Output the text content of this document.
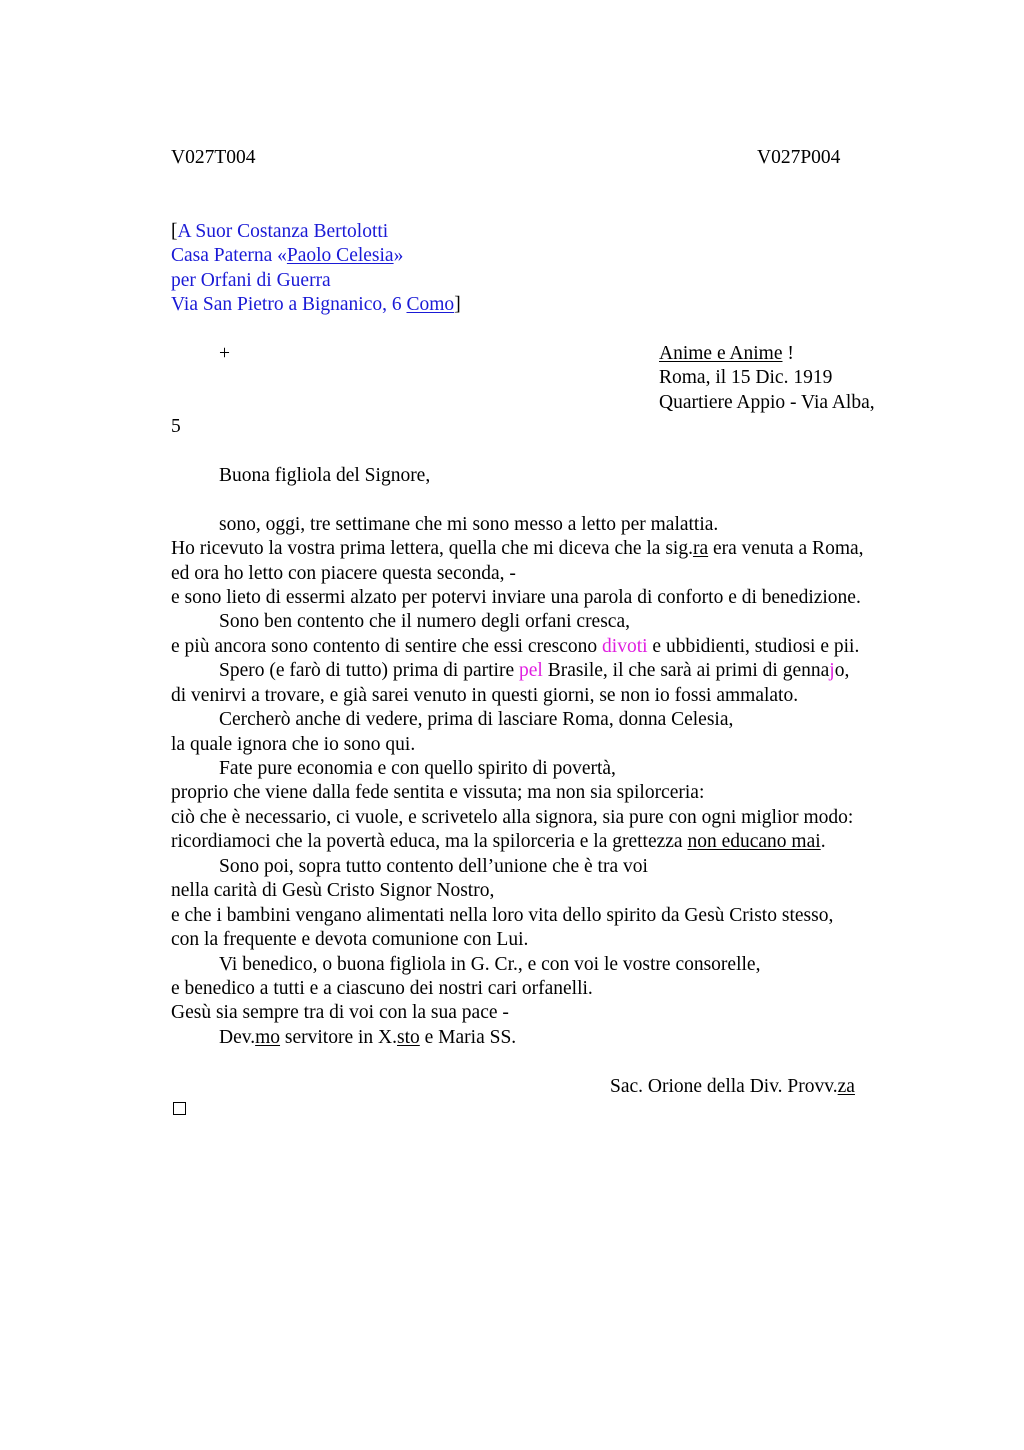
V027T004	V027P004
[A Suor Costanza Bertolotti
Casa Paterna «Paolo Celesia»
per Orfani di Guerra
Via San Pietro a Bignanico, 6 Como]
+	Anime e Anime !
Roma, il 15 Dic. 1919
Quartiere Appio - Via Alba,
5
Buona figliola del Signore,
sono, oggi, tre settimane che mi sono messo a letto per malattia.
Ho ricevuto la vostra prima lettera, quella che mi diceva che la sig.ra era venuta a Roma,
ed ora ho letto con piacere questa seconda, -
e sono lieto di essermi alzato per potervi inviare una parola di conforto e di benedizione.
Sono ben contento che il numero degli orfani cresca,
e più ancora sono contento di sentire che essi crescono divoti e ubbidienti, studiosi e pii.
Spero (e farò di tutto) prima di partire pel Brasile, il che sarà ai primi di gennajo,
di venirvi a trovare, e già sarei venuto in questi giorni, se non io fossi ammalato.
Cercherò anche di vedere, prima di lasciare Roma, donna Celesia,
la quale ignora che io sono qui.
Fate pure economia e con quello spirito di povertà,
proprio che viene dalla fede sentita e vissuta; ma non sia spilorceria:
ciò che è necessario, ci vuole, e scrivetelo alla signora, sia pure con ogni miglior modo:
ricordiamoci che la povertà educa, ma la spilorceria e la grettezza non educano mai.
Sono poi, sopra tutto contento dell’unione che è tra voi
nella carità di Gesù Cristo Signor Nostro,
e che i bambini vengano alimentati nella loro vita dello spirito da Gesù Cristo stesso,
con la frequente e devota comunione con Lui.
Vi benedico, o buona figliola in G. Cr., e con voi le vostre consorelle,
e benedico a tutti e a ciascuno dei nostri cari orfanelli.
Gesù sia sempre tra di voi con la sua pace -
Dev.mo servitore in X.sto e Maria SS.
Sac. Orione della Div. Provv.za
